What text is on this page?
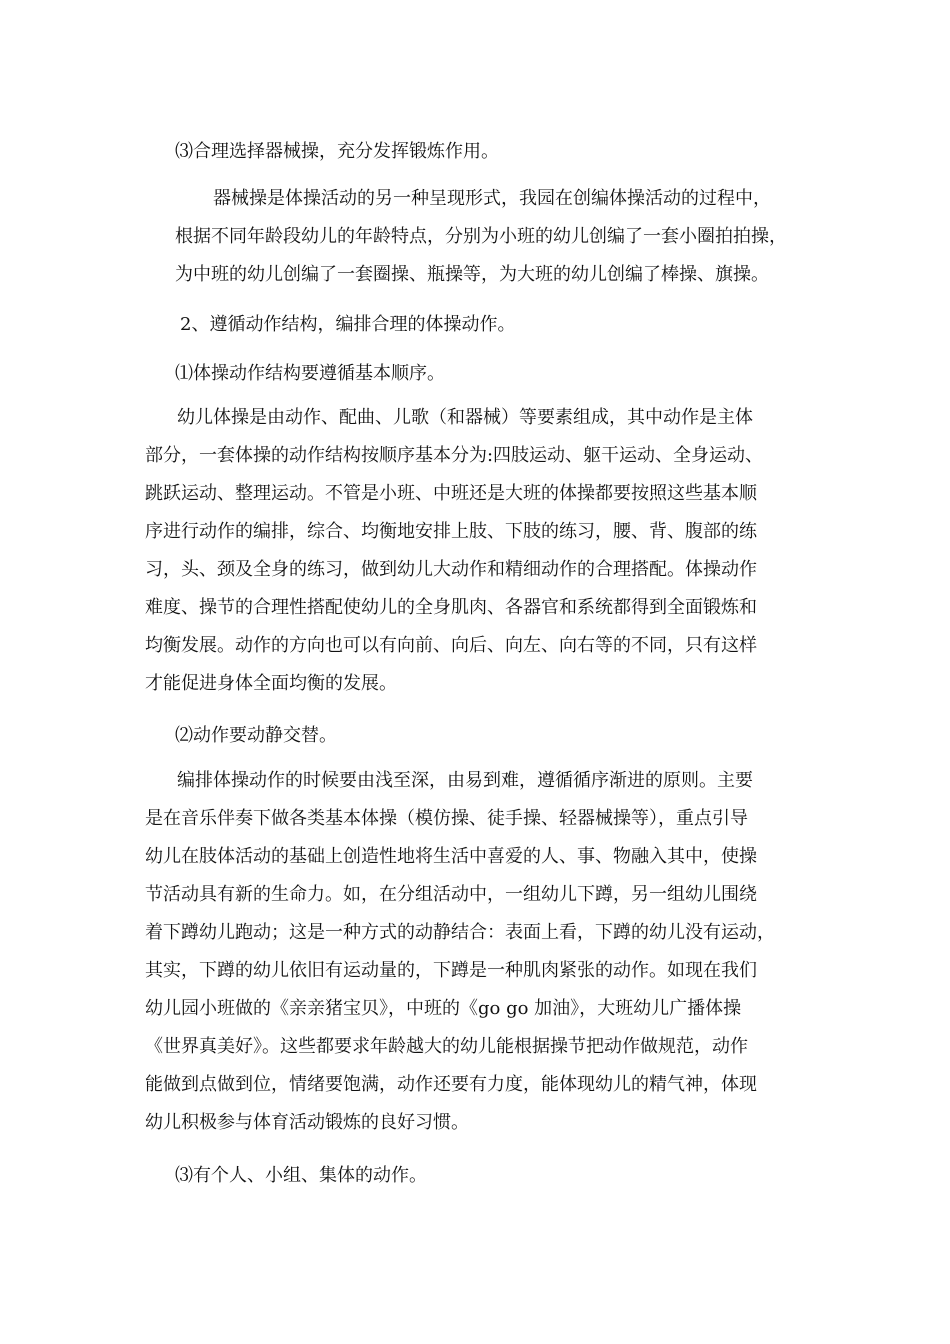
⑶合理选择器械操，充分发挥锻炼作用。
器械操是体操活动的另一种呈现形式，我园在创编体操活动的过程中，
根据不同年龄段幼儿的年龄特点，分别为小班的幼儿创编了一套小圈拍拍操，
为中班的幼儿创编了一套圈操、瓶操等，为大班的幼儿创编了棒操、旗操。
2、遵循动作结构，编排合理的体操动作。
⑴体操动作结构要遵循基本顺序。
幼儿体操是由动作、配曲、儿歌（和器械）等要素组成，其中动作是主体
部分，一套体操的动作结构按顺序基本分为:四肢运动、躯干运动、全身运动、
跳跃运动、整理运动。不管是小班、中班还是大班的体操都要按照这些基本顺
序进行动作的编排，综合、均衡地安排上肢、下肢的练习，腰、背、腹部的练
习，头、颈及全身的练习，做到幼儿大动作和精细动作的合理搭配。体操动作
难度、操节的合理性搭配使幼儿的全身肌肉、各器官和系统都得到全面锻炼和
均衡发展。动作的方向也可以有向前、向后、向左、向右等的不同，只有这样
才能促进身体全面均衡的发展。
⑵动作要动静交替。
编排体操动作的时候要由浅至深，由易到难，遵循循序渐进的原则。主要
是在音乐伴奏下做各类基本体操（模仿操、徒手操、轻器械操等），重点引导
幼儿在肢体活动的基础上创造性地将生活中喜爱的人、事、物融入其中，使操
节活动具有新的生命力。如，在分组活动中，一组幼儿下蹲，另一组幼儿围绕
着下蹲幼儿跑动；这是一种方式的动静结合：表面上看，下蹲的幼儿没有运动，
其实，下蹲的幼儿依旧有运动量的，下蹲是一种肌肉紧张的动作。如现在我们
幼儿园小班做的《亲亲猪宝贝》，中班的《go go 加油》，大班幼儿广播体操
《世界真美好》。这些都要求年龄越大的幼儿能根据操节把动作做规范，动作
能做到点做到位，情绪要饱满，动作还要有力度，能体现幼儿的精气神，体现
幼儿积极参与体育活动锻炼的良好习惯。
⑶有个人、小组、集体的动作。
